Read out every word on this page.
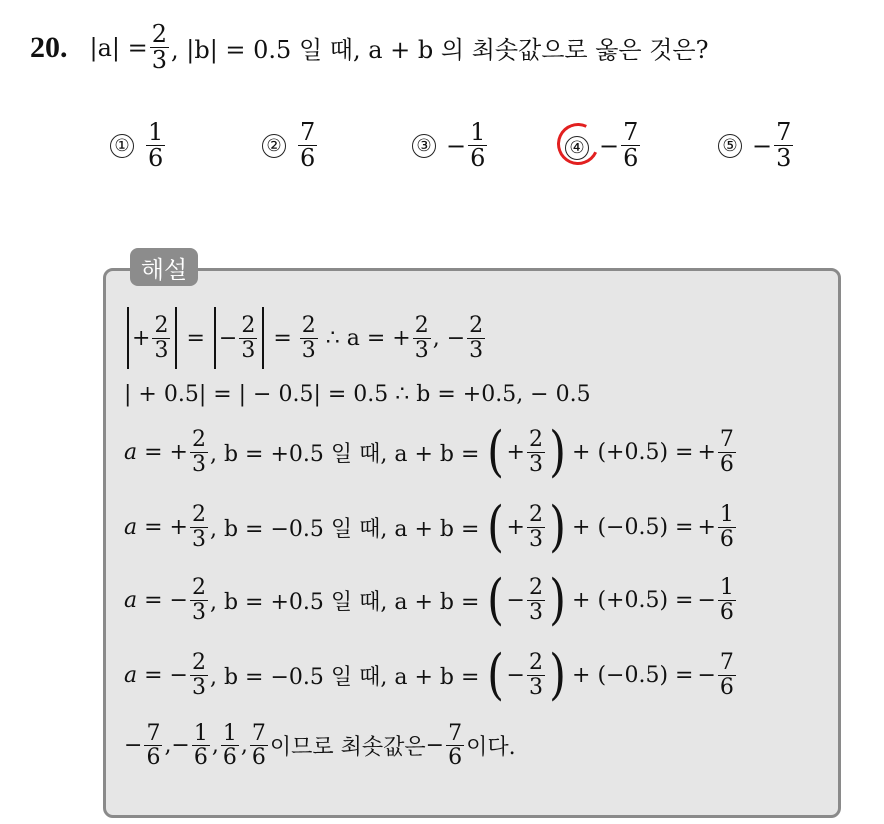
20. $|a| = \frac{2}{3}$ , |b| = 0.5 일 때, a + b 의 최솟값으로 옳은 것은?
① $\frac{1}{6}$	② $\frac{7}{6}$	③ − $\frac{1}{6}$	④ − $\frac{7}{6}$	⑤ − $\frac{7}{3}$
해설
+ $\frac{2}{3}$ = − $\frac{2}{3} = \frac{2}{3}$ ∴ a = + $\frac{2}{3}$ , − $\frac{2}{3}$
| + 0.5| = | − 0.5| = 0.5 ∴ b = +0.5, − 0.5
a = + $\frac{2}{3}$ , b = +0.5 일 때, a + b = ( + $\frac{2}{3}$ ) + (+0.5) = + $\frac{7}{6}$
a = + $\frac{2}{3}$ , b = −0.5 일 때, a + b = ( + $\frac{2}{3}$ ) + (−0.5) = + $\frac{1}{6}$
a = − $\frac{2}{3}$ , b = +0.5 일 때, a + b = ( − $\frac{2}{3}$ ) + (+0.5) = − $\frac{1}{6}$
a = − $\frac{2}{3}$ , b = −0.5 일 때, a + b = ( − $\frac{2}{3}$ ) + (−0.5) = − $\frac{7}{6}$
− $\frac{7}{6}$ ,− $\frac{1}{6}$ , $\frac{1}{6}$ , $\frac{7}{6}$ 이므로 최솟값은 − $\frac{7}{6}$ 이다.
